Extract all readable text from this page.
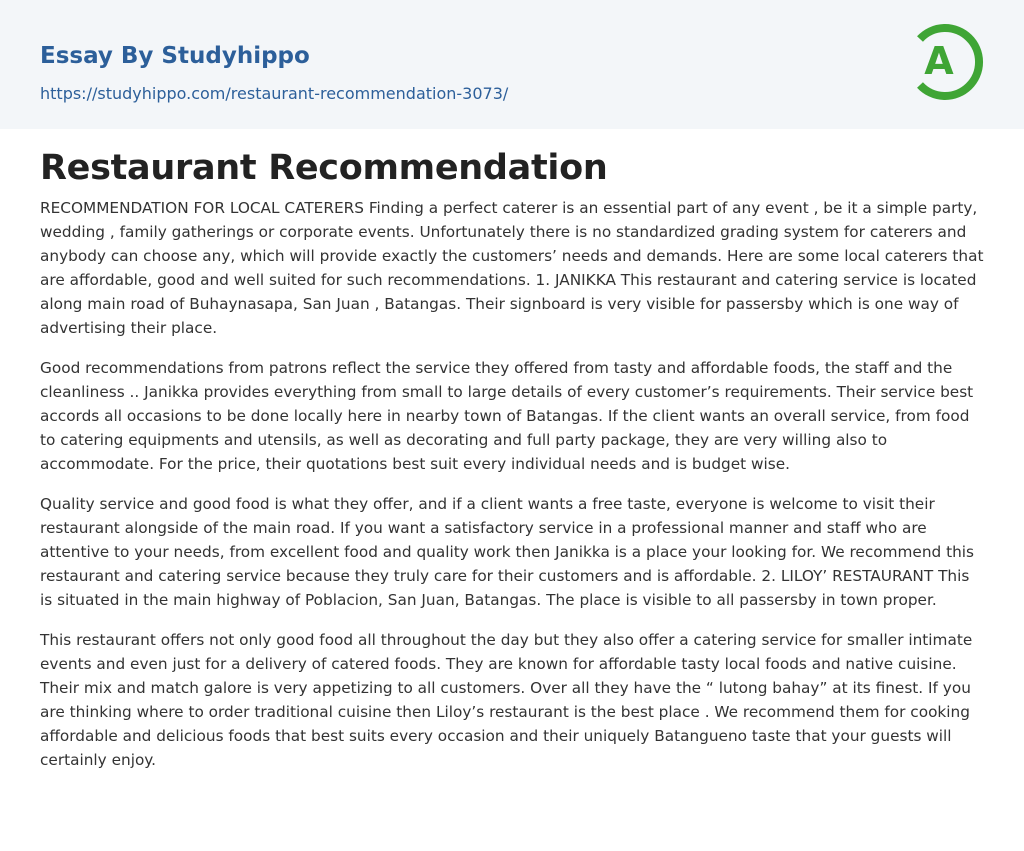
Essay By Studyhippo
https://studyhippo.com/restaurant-recommendation-3073/
A
Restaurant Recommendation

RECOMMENDATION FOR LOCAL CATERERS Finding a perfect caterer is an essential part of any event , be it a simple party, wedding , family gatherings or corporate events. Unfortunately there is no standardized grading system for caterers and anybody can choose any, which will provide exactly the customers’ needs and demands. Here are some local caterers that are affordable, good and well suited for such recommendations. 1. JANIKKA This restaurant and catering service is located along main road of Buhaynasapa, San Juan , Batangas. Their signboard is very visible for passersby which is one way of advertising their place.

Good recommendations from patrons reflect the service they offered from tasty and affordable foods, the staff and the cleanliness .. Janikka provides everything from small to large details of every customer’s requirements. Their service best accords all occasions to be done locally here in nearby town of Batangas. If the client wants an overall service, from food to catering equipments and utensils, as well as decorating and full party package, they are very willing also to accommodate. For the price, their quotations best suit every individual needs and is budget wise.

Quality service and good food is what they offer, and if a client wants a free taste, everyone is welcome to visit their restaurant alongside of the main road. If you want a satisfactory service in a professional manner and staff who are attentive to your needs, from excellent food and quality work then Janikka is a place your looking for. We recommend this restaurant and catering service because they truly care for their customers and is affordable. 2. LILOY’ RESTAURANT This is situated in the main highway of Poblacion, San Juan, Batangas. The place is visible to all passersby in town proper.

This restaurant offers not only good food all throughout the day but they also offer a catering service for smaller intimate events and even just for a delivery of catered foods. They are known for affordable tasty local foods and native cuisine. Their mix and match galore is very appetizing to all customers. Over all they have the “ lutong bahay” at its finest. If you are thinking where to order traditional cuisine then Liloy’s restaurant is the best place . We recommend them for cooking affordable and delicious foods that best suits every occasion and their uniquely Batangueno taste that your guests will certainly enjoy.
